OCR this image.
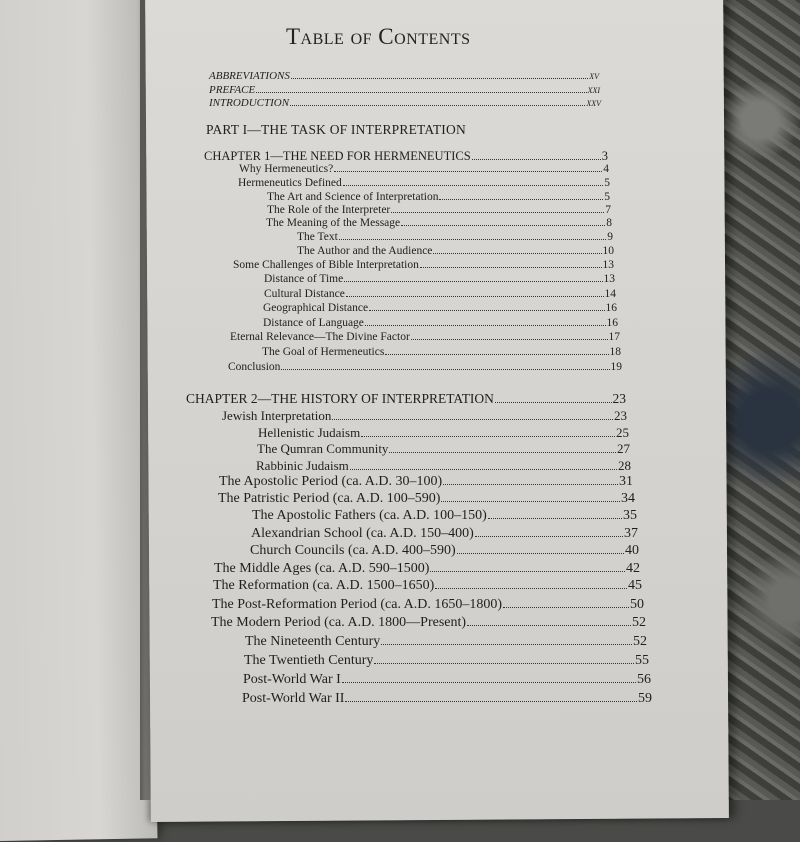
Table of Contents
ABBREVIATIONS	xv
PREFACE	xxi
INTRODUCTION	xxv
PART I—THE TASK OF INTERPRETATION
CHAPTER 1—THE NEED FOR HERMENEUTICS	3
Why Hermeneutics?	4
Hermeneutics Defined	5
The Art and Science of Interpretation	5
The Role of the Interpreter	7
The Meaning of the Message	8
The Text	9
The Author and the Audience	10
Some Challenges of Bible Interpretation	13
Distance of Time	13
Cultural Distance	14
Geographical Distance	16
Distance of Language	16
Eternal Relevance—The Divine Factor	17
The Goal of Hermeneutics	18
Conclusion	19
CHAPTER 2—THE HISTORY OF INTERPRETATION	23
Jewish Interpretation	23
Hellenistic Judaism	25
The Qumran Community	27
Rabbinic Judaism	28
The Apostolic Period (ca. A.D. 30–100)	31
The Patristic Period (ca. A.D. 100–590)	34
The Apostolic Fathers (ca. A.D. 100–150)	35
Alexandrian School (ca. A.D. 150–400)	37
Church Councils (ca. A.D. 400–590)	40
The Middle Ages (ca. A.D. 590–1500)	42
The Reformation (ca. A.D. 1500–1650)	45
The Post-Reformation Period (ca. A.D. 1650–1800)	50
The Modern Period (ca. A.D. 1800—Present)	52
The Nineteenth Century	52
The Twentieth Century	55
Post-World War I	56
Post-World War II	59
